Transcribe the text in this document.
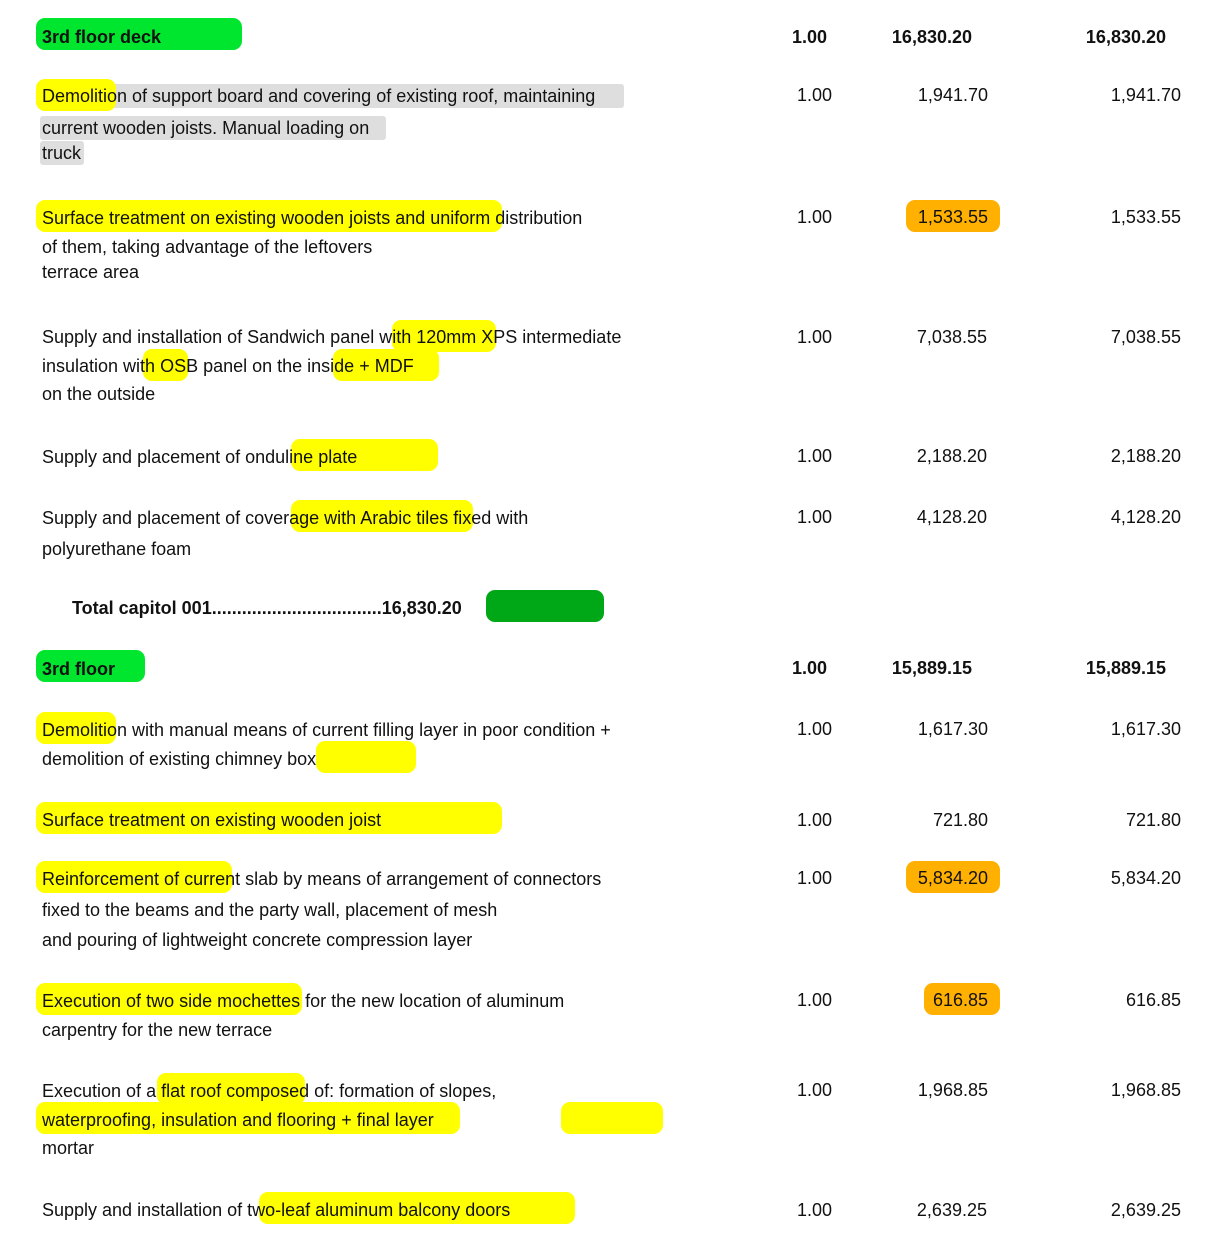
3rd floor deck	1.00	16,830.20	16,830.20
Demolition of support board and covering of existing roof, maintaining
current wooden joists. Manual loading on
truck
1.00	1,941.70	1,941.70
Surface treatment on existing wooden joists and uniform distribution
of them, taking advantage of the leftovers
terrace area
1.00	1,533.55	1,533.55
Supply and installation of Sandwich panel with 120mm XPS intermediate
insulation with OSB panel on the inside + MDF
on the outside
1.00	7,038.55	7,038.55
Supply and placement of onduline plate	1.00	2,188.20	2,188.20
Supply and placement of coverage with Arabic tiles fixed with
polyurethane foam
1.00	4,128.20	4,128.20
Total capitol 001..................................16,830.20
3rd floor	1.00	15,889.15	15,889.15
Demolition with manual means of current filling layer in poor condition +
demolition of existing chimney box
1.00	1,617.30	1,617.30
Surface treatment on existing wooden joist	1.00	721.80	721.80
Reinforcement of current slab by means of arrangement of connectors
fixed to the beams and the party wall, placement of mesh
and pouring of lightweight concrete compression layer
1.00	5,834.20	5,834.20
Execution of two side mochettes for the new location of aluminum
carpentry for the new terrace
1.00	616.85	616.85
Execution of a flat roof composed of: formation of slopes,
waterproofing, insulation and flooring + final layer
mortar
1.00	1,968.85	1,968.85
Supply and installation of two-leaf aluminum balcony doors	1.00	2,639.25	2,639.25
